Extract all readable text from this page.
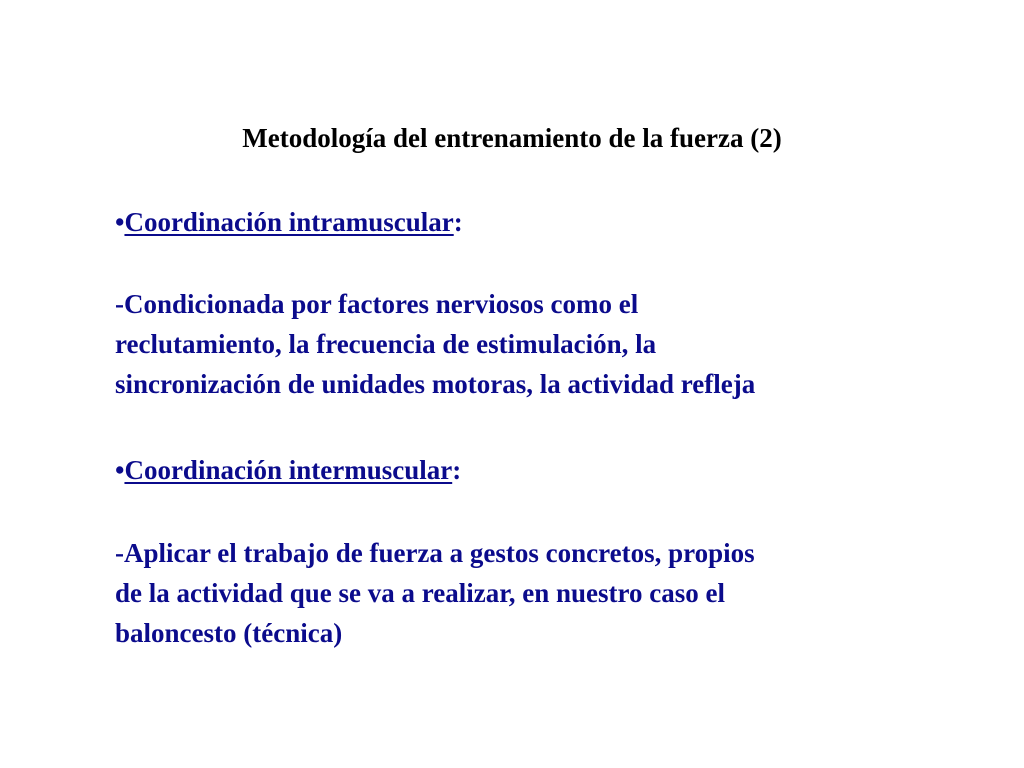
Metodología del entrenamiento de la fuerza (2)
•Coordinación intramuscular:
-Condicionada por factores nerviosos como el
reclutamiento, la frecuencia de estimulación, la
sincronización de unidades motoras, la actividad refleja
•Coordinación intermuscular:
-Aplicar el trabajo de fuerza a gestos concretos, propios
de la actividad que se va a realizar, en nuestro caso el
baloncesto (técnica)
